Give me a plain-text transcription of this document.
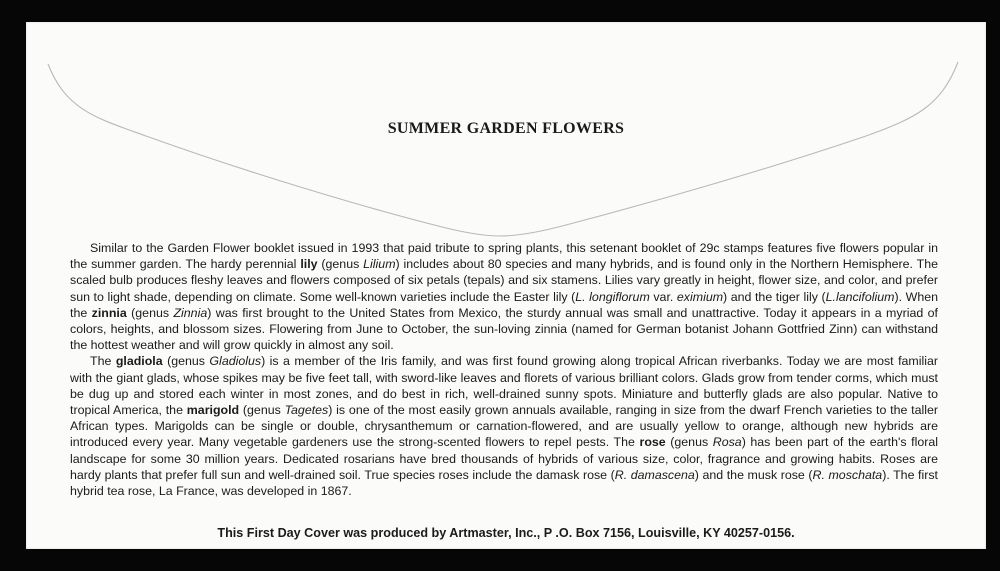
SUMMER GARDEN FLOWERS

Similar to the Garden Flower booklet issued in 1993 that paid tribute to spring plants, this setenant booklet of 29c stamps features five flowers popular in the summer garden. The hardy perennial lily (genus Lilium) includes about 80 species and many hybrids, and is found only in the Northern Hemisphere. The scaled bulb produces fleshy leaves and flowers composed of six petals (tepals) and six stamens. Lilies vary greatly in height, flower size, and color, and prefer sun to light shade, depending on climate. Some well-known varieties include the Easter lily (L. longiflorum var. eximium) and the tiger lily (L.lancifolium). When the zinnia (genus Zinnia) was first brought to the United States from Mexico, the sturdy annual was small and unattractive. Today it appears in a myriad of colors, heights, and blossom sizes. Flowering from June to October, the sun-loving zinnia (named for German botanist Johann Gottfried Zinn) can withstand the hottest weather and will grow quickly in almost any soil.

The gladiola (genus Gladiolus) is a member of the Iris family, and was first found growing along tropical African riverbanks. Today we are most familiar with the giant glads, whose spikes may be five feet tall, with sword-like leaves and florets of various brilliant colors. Glads grow from tender corms, which must be dug up and stored each winter in most zones, and do best in rich, well-drained sunny spots. Miniature and butterfly glads are also popular. Native to tropical America, the marigold (genus Tagetes) is one of the most easily grown annuals available, ranging in size from the dwarf French varieties to the taller African types. Marigolds can be single or double, chrysanthemum or carnation-flowered, and are usually yellow to orange, although new hybrids are introduced every year. Many vegetable gardeners use the strong-scented flowers to repel pests. The rose (genus Rosa) has been part of the earth's floral landscape for some 30 million years. Dedicated rosarians have bred thousands of hybrids of various size, color, fragrance and growing habits. Roses are hardy plants that prefer full sun and well-drained soil. True species roses include the damask rose (R. damascena) and the musk rose (R. moschata). The first hybrid tea rose, La France, was developed in 1867.

This First Day Cover was produced by Artmaster, Inc., P .O. Box 7156, Louisville, KY 40257-0156.
